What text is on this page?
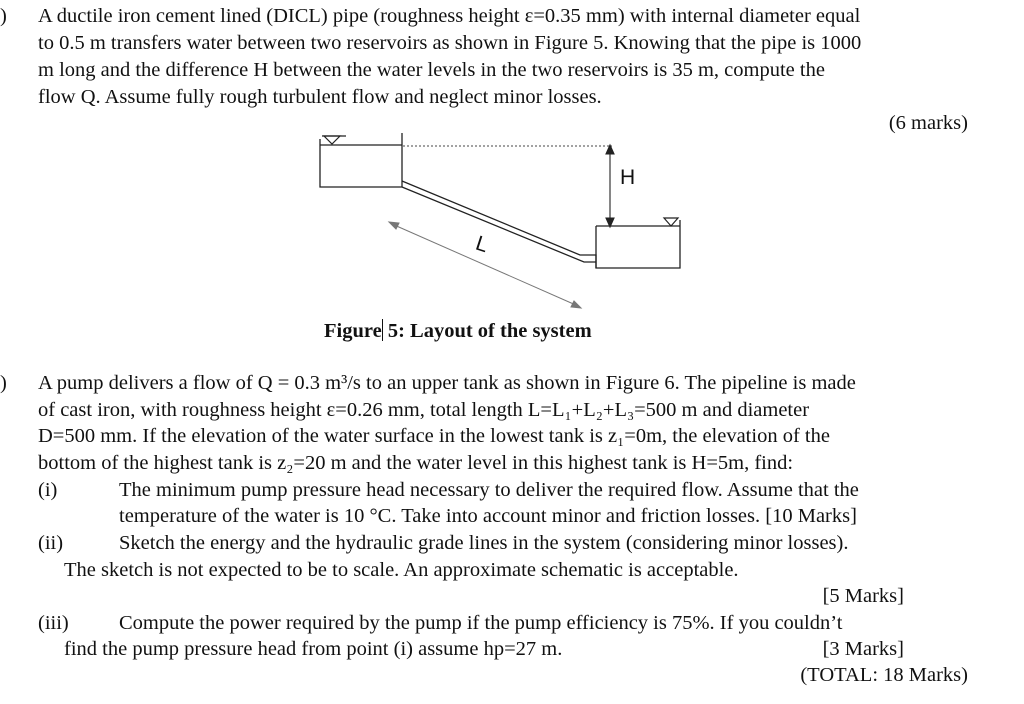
) A ductile iron cement lined (DICL) pipe (roughness height ε=0.35 mm) with internal diameter equal
to 0.5 m transfers water between two reservoirs as shown in Figure 5. Knowing that the pipe is 1000
m long and the difference H between the water levels in the two reservoirs is 35 m, compute the
flow Q. Assume fully rough turbulent flow and neglect minor losses.
(6 marks)
H
L
Figure 5: Layout of the system
) A pump delivers a flow of Q = 0.3 m³/s to an upper tank as shown in Figure 6. The pipeline is made
of cast iron, with roughness height ε=0.26 mm, total length L=L₁+L₂+L₃=500 m and diameter
D=500 mm. If the elevation of the water surface in the lowest tank is z₁=0m, the elevation of the
bottom of the highest tank is z₂=20 m and the water level in this highest tank is H=5m, find:
(i)	The minimum pump pressure head necessary to deliver the required flow. Assume that the
temperature of the water is 10 °C. Take into account minor and friction losses. [10 Marks]
(ii)	Sketch the energy and the hydraulic grade lines in the system (considering minor losses).
The sketch is not expected to be to scale. An approximate schematic is acceptable.
[5 Marks]
(iii) Compute the power required by the pump if the pump efficiency is 75%. If you couldn’t
find the pump pressure head from point (i) assume hp=27 m.	[3 Marks]
(TOTAL: 18 Marks)
